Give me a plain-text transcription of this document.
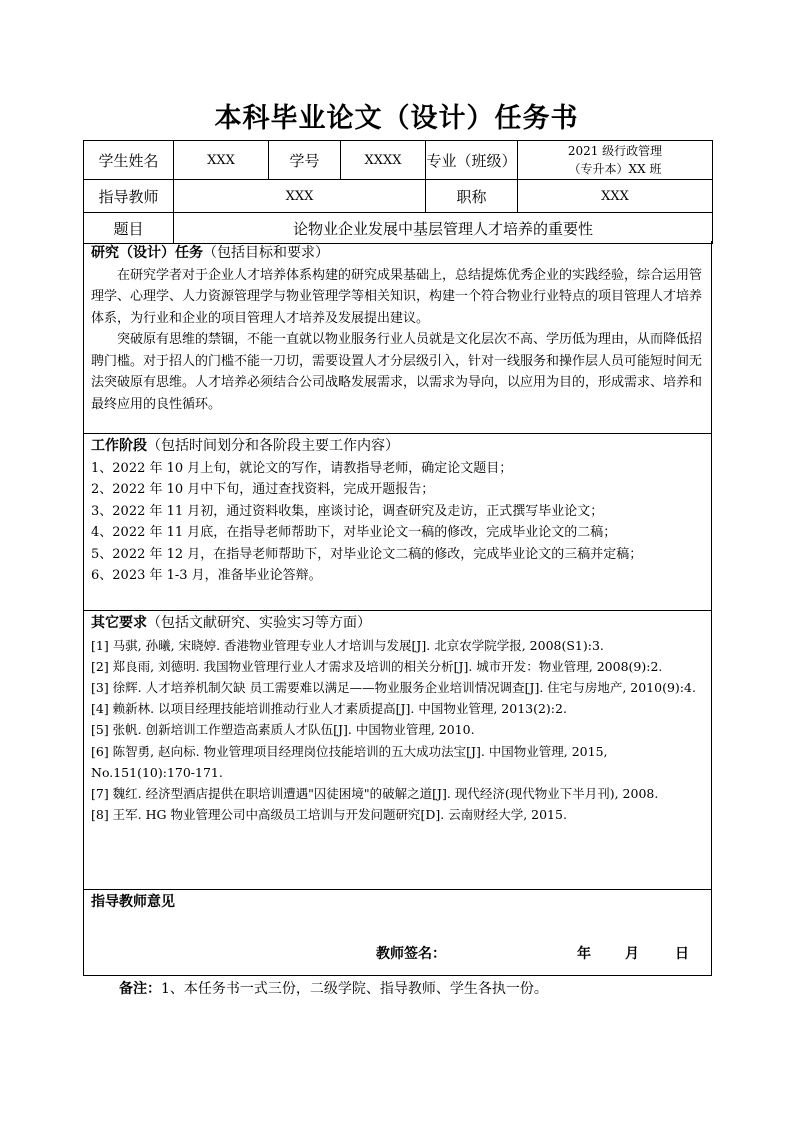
本科毕业论文（设计）任务书
学生姓名	XXX	学号	XXXX	专业（班级）	2021 级行政管理
（专升本）XX 班

指导教师	XXX			职称	XXX
题目	论物业企业发展中基层管理人才培养的重要性				
研究（设计）任务（包括目标和要求）

在研究学者对于企业人才培养体系构建的研究成果基础上，总结提炼优秀企业的实践经验，综合运用管理学、心理学、人力资源管理学与物业管理学等相关知识，构建一个符合物业行业特点的项目管理人才培养体系，为行业和企业的项目管理人才培养及发展提出建议。

突破原有思维的禁锢，不能一直就以物业服务行业人员就是文化层次不高、学历低为理由，从而降低招聘门槛。对于招人的门槛不能一刀切，需要设置人才分层级引入，针对一线服务和操作层人员可能短时间无法突破原有思维。人才培养必须结合公司战略发展需求，以需求为导向，以应用为目的，形成需求、培养和最终应用的良性循环。

工作阶段（包括时间划分和各阶段主要工作内容）

1、2022 年 10 月上旬，就论文的写作，请教指导老师，确定论文题目；

2、2022 年 10 月中下旬，通过查找资料，完成开题报告；

3、2022 年 11 月初，通过资料收集，座谈讨论，调查研究及走访，正式撰写毕业论文；

4、2022 年 11 月底，在指导老师帮助下，对毕业论文一稿的修改，完成毕业论文的二稿；

5、2022 年 12 月，在指导老师帮助下，对毕业论文二稿的修改，完成毕业论文的三稿并定稿；

6、2023 年 1-3 月，准备毕业论答辩。

其它要求（包括文献研究、实验实习等方面）

[1] 马骐, 孙曦, 宋晓婷. 香港物业管理专业人才培训与发展[J]. 北京农学院学报, 2008(S1):3.

[2] 郑良雨, 刘德明. 我国物业管理行业人才需求及培训的相关分析[J]. 城市开发：物业管理, 2008(9):2.

[3] 徐辉. 人才培养机制欠缺 员工需要难以满足——物业服务企业培训情况调查[J]. 住宅与房地产, 2010(9):4.

[4] 赖新林. 以项目经理技能培训推动行业人才素质提高[J]. 中国物业管理, 2013(2):2.

[5] 张帆. 创新培训工作塑造高素质人才队伍[J]. 中国物业管理, 2010.

[6] 陈智勇, 赵向标. 物业管理项目经理岗位技能培训的五大成功法宝[J]. 中国物业管理, 2015, No.151(10):170-171.

[7] 魏红. 经济型酒店提供在职培训遭遇"囚徒困境"的破解之道[J]. 现代经济(现代物业下半月刊), 2008.

[8] 王军. HG 物业管理公司中高级员工培训与开发问题研究[D]. 云南财经大学, 2015.

指导教师意见
教师签名：	年 月	日
备注：1、本任务书一式三份，二级学院、指导教师、学生各执一份。
